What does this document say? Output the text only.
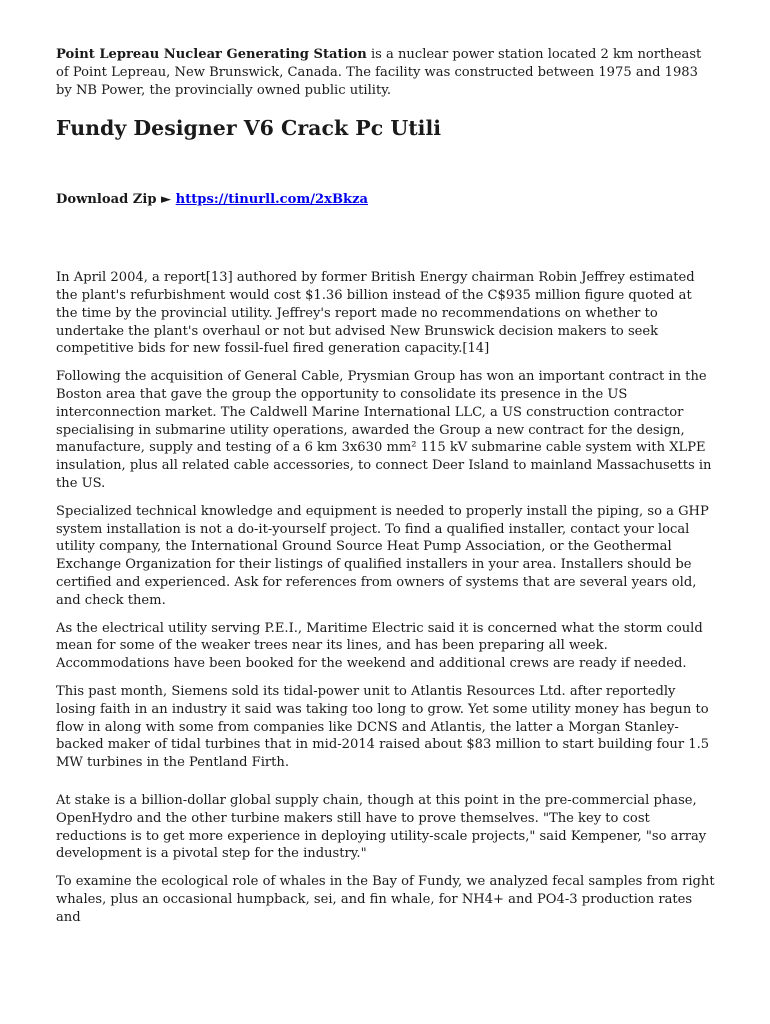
Point Lepreau Nuclear Generating Station is a nuclear power station located 2 km northeast of Point Lepreau, New Brunswick, Canada. The facility was constructed between 1975 and 1983 by NB Power, the provincially owned public utility.

Fundy Designer V6 Crack Pc Utili

Download Zip ► https://tinurll.com/2xBkza

In April 2004, a report[13] authored by former British Energy chairman Robin Jeffrey estimated the plant's refurbishment would cost $1.36 billion instead of the C$935 million figure quoted at the time by the provincial utility. Jeffrey's report made no recommendations on whether to undertake the plant's overhaul or not but advised New Brunswick decision makers to seek competitive bids for new fossil-fuel fired generation capacity.[14]

Following the acquisition of General Cable, Prysmian Group has won an important contract in the Boston area that gave the group the opportunity to consolidate its presence in the US interconnection market. The Caldwell Marine International LLC, a US construction contractor specialising in submarine utility operations, awarded the Group a new contract for the design, manufacture, supply and testing of a 6 km 3x630 mm² 115 kV submarine cable system with XLPE insulation, plus all related cable accessories, to connect Deer Island to mainland Massachusetts in the US.

Specialized technical knowledge and equipment is needed to properly install the piping, so a GHP system installation is not a do-it-yourself project. To find a qualified installer, contact your local utility company, the International Ground Source Heat Pump Association, or the Geothermal Exchange Organization for their listings of qualified installers in your area. Installers should be certified and experienced. Ask for references from owners of systems that are several years old, and check them.

As the electrical utility serving P.E.I., Maritime Electric said it is concerned what the storm could mean for some of the weaker trees near its lines, and has been preparing all week. Accommodations have been booked for the weekend and additional crews are ready if needed.

This past month, Siemens sold its tidal-power unit to Atlantis Resources Ltd. after reportedly losing faith in an industry it said was taking too long to grow. Yet some utility money has begun to flow in along with some from companies like DCNS and Atlantis, the latter a Morgan Stanley-backed maker of tidal turbines that in mid-2014 raised about $83 million to start building four 1.5 MW turbines in the Pentland Firth.

At stake is a billion-dollar global supply chain, though at this point in the pre-commercial phase, OpenHydro and the other turbine makers still have to prove themselves. "The key to cost reductions is to get more experience in deploying utility-scale projects," said Kempener, "so array development is a pivotal step for the industry."

To examine the ecological role of whales in the Bay of Fundy, we analyzed fecal samples from right whales, plus an occasional humpback, sei, and fin whale, for NH4+ and PO4-3 production rates and
